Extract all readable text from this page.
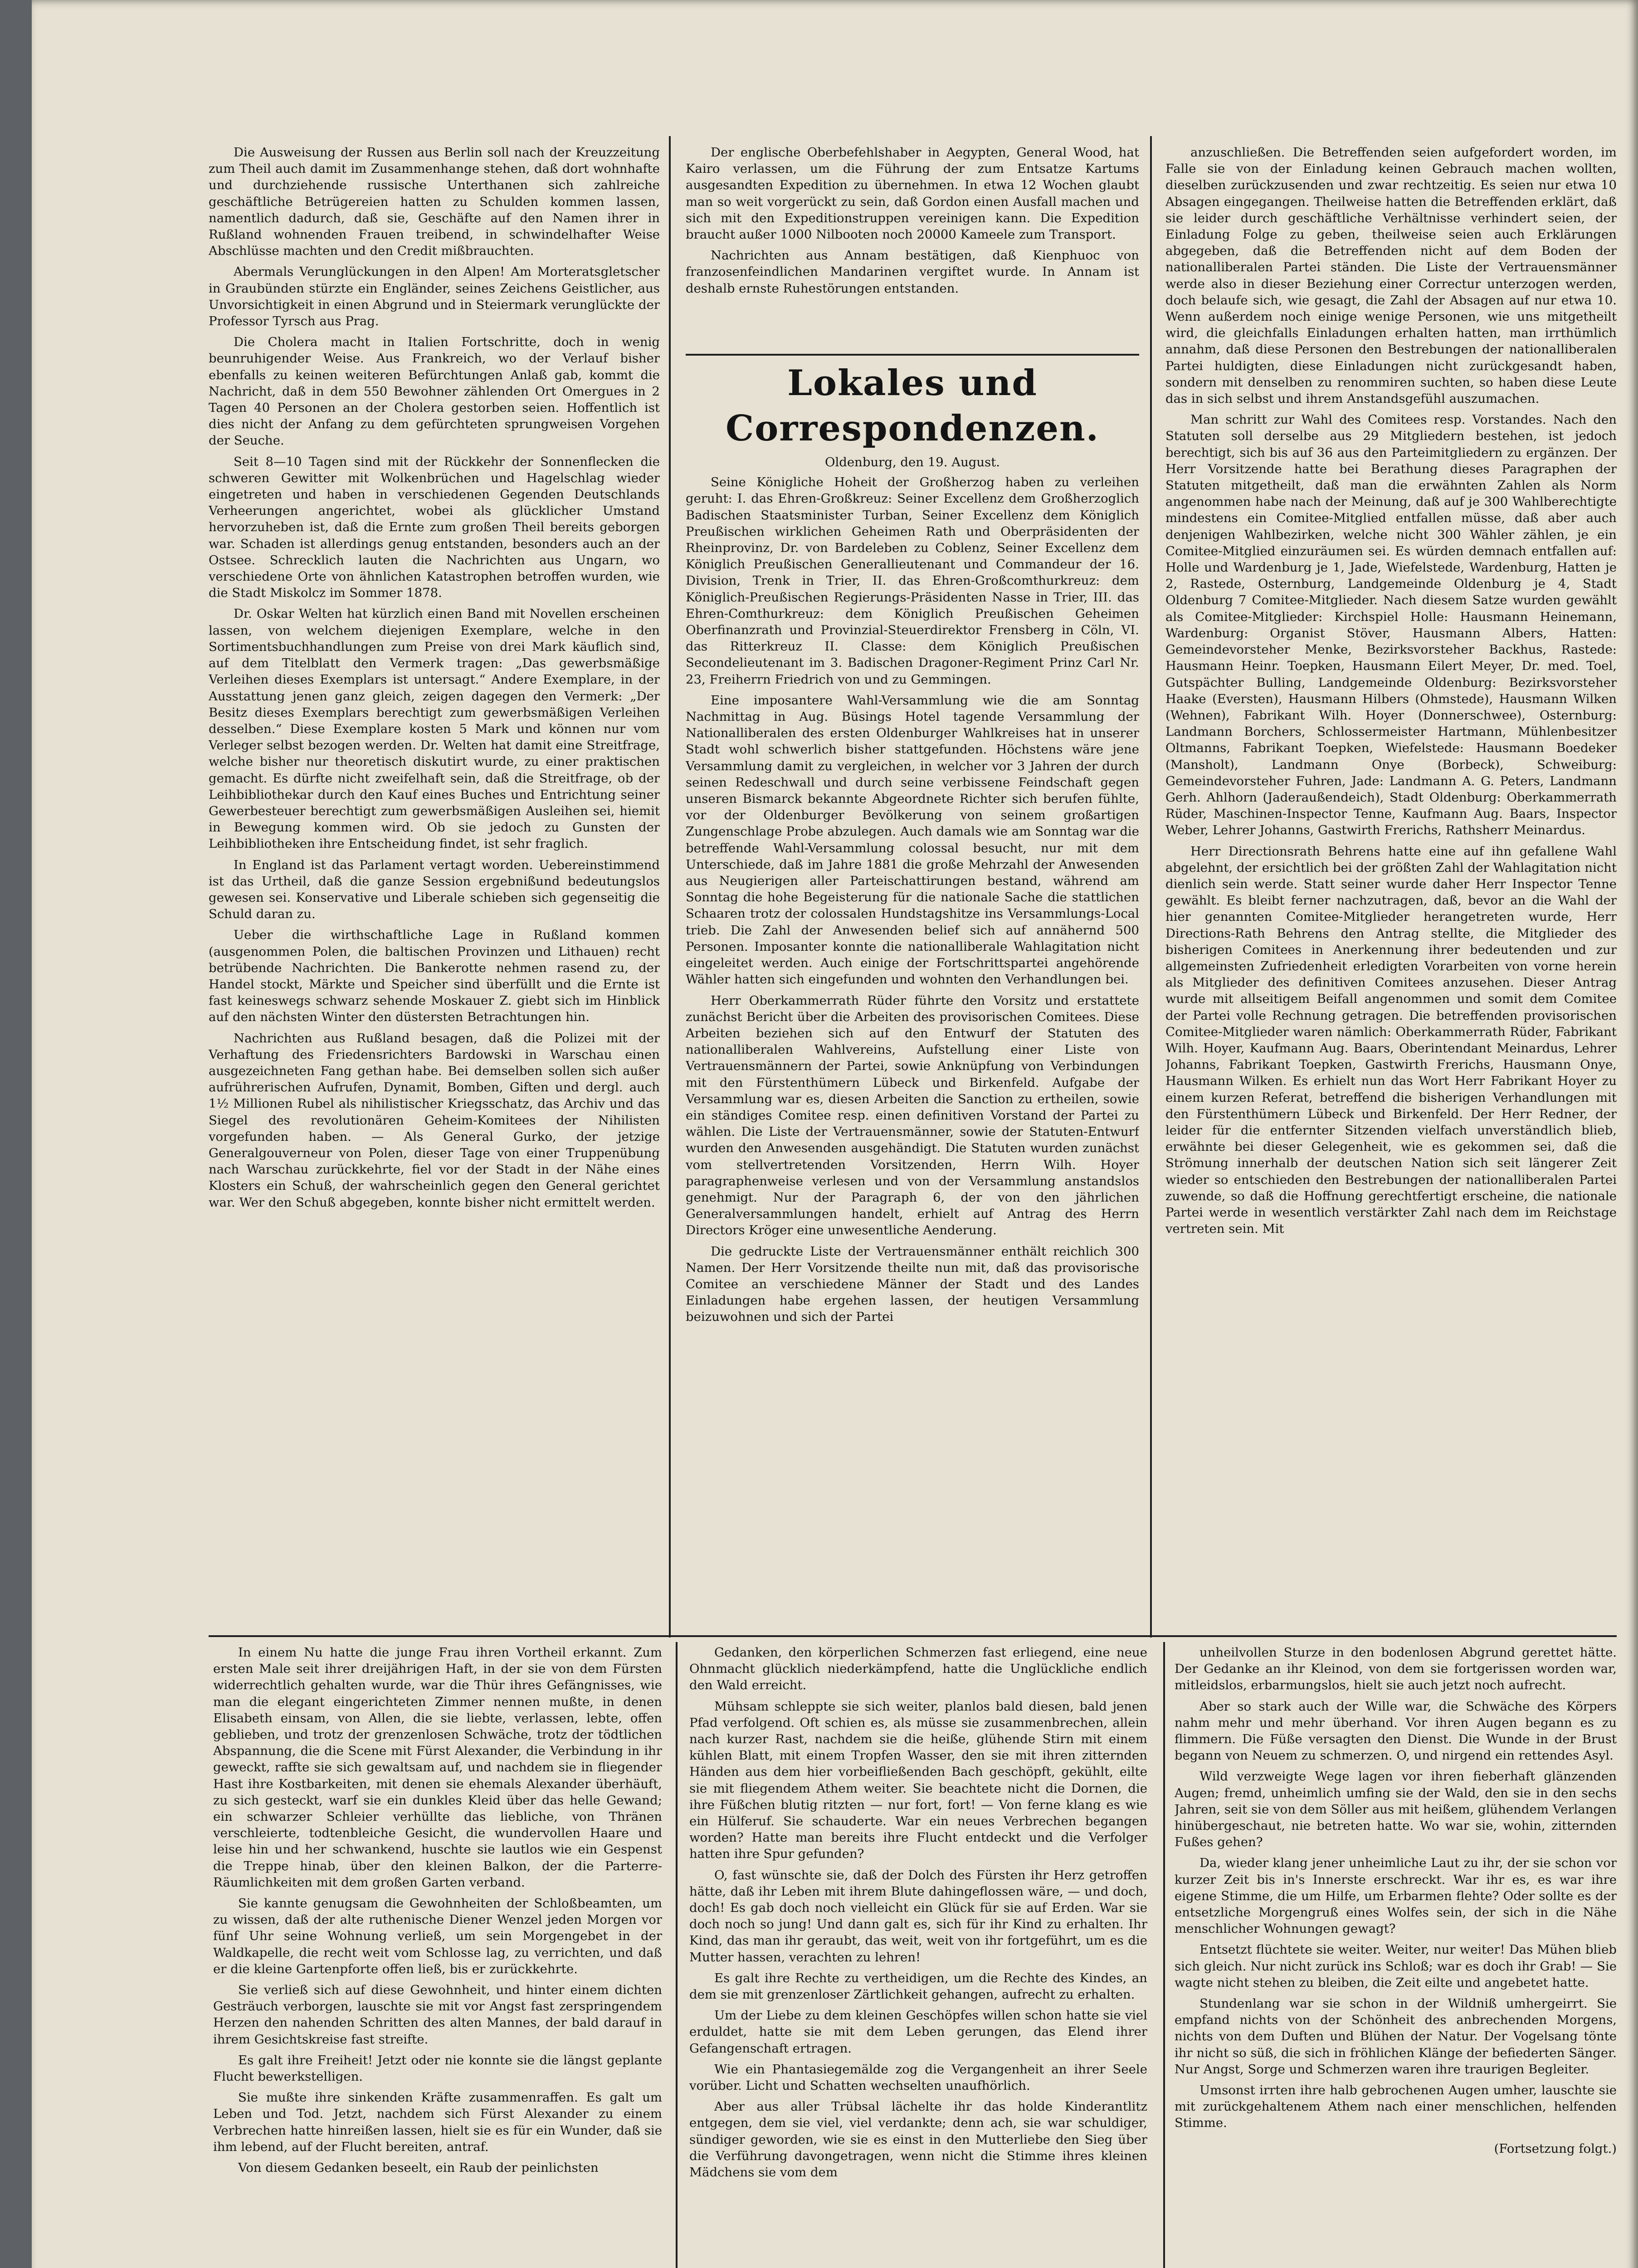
Die Ausweisung der Russen aus Berlin soll nach der Kreuzzeitung zum Theil auch damit im Zusammenhange stehen, daß dort wohnhafte und durchziehende russische Unterthanen sich zahlreiche geschäftliche Betrügereien hatten zu Schulden kommen lassen, namentlich dadurch, daß sie, Geschäfte auf den Namen ihrer in Rußland wohnenden Frauen treibend, in schwindelhafter Weise Abschlüsse machten und den Credit mißbrauchten.
Abermals Verunglückungen in den Alpen! Am Morteratsgletscher in Graubünden stürzte ein Engländer, seines Zeichens Geistlicher, aus Unvorsichtigkeit in einen Abgrund und in Steiermark verunglückte der Professor Tyrsch aus Prag.
Die Cholera macht in Italien Fortschritte, doch in wenig beunruhigender Weise. Aus Frankreich, wo der Verlauf bisher ebenfalls zu keinen weiteren Befürchtungen Anlaß gab, kommt die Nachricht, daß in dem 550 Bewohner zählenden Ort Omergues in 2 Tagen 40 Personen an der Cholera gestorben seien. Hoffentlich ist dies nicht der Anfang zu dem gefürchteten sprungweisen Vorgehen der Seuche.
Seit 8—10 Tagen sind mit der Rückkehr der Sonnenflecken die schweren Gewitter mit Wolkenbrüchen und Hagelschlag wieder eingetreten und haben in verschiedenen Gegenden Deutschlands Verheerungen angerichtet, wobei als glücklicher Umstand hervorzuheben ist, daß die Ernte zum großen Theil bereits geborgen war. Schaden ist allerdings genug entstanden, besonders auch an der Ostsee. Schrecklich lauten die Nachrichten aus Ungarn, wo verschiedene Orte von ähnlichen Katastrophen betroffen wurden, wie die Stadt Miskolcz im Sommer 1878.
Dr. Oskar Welten hat kürzlich einen Band mit Novellen erscheinen lassen, von welchem diejenigen Exemplare, welche in den Sortimentsbuchhandlungen zum Preise von drei Mark käuflich sind, auf dem Titelblatt den Vermerk tragen: „Das gewerbsmäßige Verleihen dieses Exemplars ist untersagt.“ Andere Exemplare, in der Ausstattung jenen ganz gleich, zeigen dagegen den Vermerk: „Der Besitz dieses Exemplars berechtigt zum gewerbsmäßigen Verleihen desselben.“ Diese Exemplare kosten 5 Mark und können nur vom Verleger selbst bezogen werden. Dr. Welten hat damit eine Streitfrage, welche bisher nur theoretisch diskutirt wurde, zu einer praktischen gemacht. Es dürfte nicht zweifelhaft sein, daß die Streitfrage, ob der Leihbibliothekar durch den Kauf eines Buches und Entrichtung seiner Gewerbesteuer berechtigt zum gewerbsmäßigen Ausleihen sei, hiemit in Bewegung kommen wird. Ob sie jedoch zu Gunsten der Leihbibliotheken ihre Entscheidung findet, ist sehr fraglich.
In England ist das Parlament vertagt worden. Uebereinstimmend ist das Urtheil, daß die ganze Session ergebnißund bedeutungslos gewesen sei. Konservative und Liberale schieben sich gegenseitig die Schuld daran zu.
Ueber die wirthschaftliche Lage in Rußland kommen (ausgenommen Polen, die baltischen Provinzen und Lithauen) recht betrübende Nachrichten. Die Bankerotte nehmen rasend zu, der Handel stockt, Märkte und Speicher sind überfüllt und die Ernte ist fast keineswegs schwarz sehende Moskauer Z. giebt sich im Hinblick auf den nächsten Winter den düstersten Betrachtungen hin.
Nachrichten aus Rußland besagen, daß die Polizei mit der Verhaftung des Friedensrichters Bardowski in Warschau einen ausgezeichneten Fang gethan habe. Bei demselben sollen sich außer aufrührerischen Aufrufen, Dynamit, Bomben, Giften und dergl. auch 1½ Millionen Rubel als nihilistischer Kriegsschatz, das Archiv und das Siegel des revolutionären Geheim-Komitees der Nihilisten vorgefunden haben. — Als General Gurko, der jetzige Generalgouverneur von Polen, dieser Tage von einer Truppenübung nach Warschau zurückkehrte, fiel vor der Stadt in der Nähe eines Klosters ein Schuß, der wahrscheinlich gegen den General gerichtet war. Wer den Schuß abgegeben, konnte bisher nicht ermittelt werden.
Der englische Oberbefehlshaber in Aegypten, General Wood, hat Kairo verlassen, um die Führung der zum Entsatze Kartums ausgesandten Expedition zu übernehmen. In etwa 12 Wochen glaubt man so weit vorgerückt zu sein, daß Gordon einen Ausfall machen und sich mit den Expeditionstruppen vereinigen kann. Die Expedition braucht außer 1000 Nilbooten noch 20000 Kameele zum Transport.
Nachrichten aus Annam bestätigen, daß Kienphuoc von franzosenfeindlichen Mandarinen vergiftet wurde. In Annam ist deshalb ernste Ruhestörungen entstanden.
Lokales und Correspondenzen.
Oldenburg, den 19. August.
Seine Königliche Hoheit der Großherzog haben zu verleihen geruht: I. das Ehren-Großkreuz: Seiner Excellenz dem Großherzoglich Badischen Staatsminister Turban, Seiner Excellenz dem Königlich Preußischen wirklichen Geheimen Rath und Oberpräsidenten der Rheinprovinz, Dr. von Bardeleben zu Coblenz, Seiner Excellenz dem Königlich Preußischen Generallieutenant und Commandeur der 16. Division, Trenk in Trier, II. das Ehren-Großcomthurkreuz: dem Königlich-Preußischen Regierungs-Präsidenten Nasse in Trier, III. das Ehren-Comthurkreuz: dem Königlich Preußischen Geheimen Oberfinanzrath und Provinzial-Steuerdirektor Frensberg in Cöln, VI. das Ritterkreuz II. Classe: dem Königlich Preußischen Secondelieutenant im 3. Badischen Dragoner-Regiment Prinz Carl Nr. 23, Freiherrn Friedrich von und zu Gemmingen.
Eine imposantere Wahl-Versammlung wie die am Sonntag Nachmittag in Aug. Büsings Hotel tagende Versammlung der Nationalliberalen des ersten Oldenburger Wahlkreises hat in unserer Stadt wohl schwerlich bisher stattgefunden. Höchstens wäre jene Versammlung damit zu vergleichen, in welcher vor 3 Jahren der durch seinen Redeschwall und durch seine verbissene Feindschaft gegen unseren Bismarck bekannte Abgeordnete Richter sich berufen fühlte, vor der Oldenburger Bevölkerung von seinem großartigen Zungenschlage Probe abzulegen. Auch damals wie am Sonntag war die betreffende Wahl-Versammlung colossal besucht, nur mit dem Unterschiede, daß im Jahre 1881 die große Mehrzahl der Anwesenden aus Neugierigen aller Parteischattirungen bestand, während am Sonntag die hohe Begeisterung für die nationale Sache die stattlichen Schaaren trotz der colossalen Hundstagshitze ins Versammlungs-Local trieb. Die Zahl der Anwesenden belief sich auf annähernd 500 Personen. Imposanter konnte die nationalliberale Wahlagitation nicht eingeleitet werden. Auch einige der Fortschrittspartei angehörende Wähler hatten sich eingefunden und wohnten den Verhandlungen bei.
Herr Oberkammerrath Rüder führte den Vorsitz und erstattete zunächst Bericht über die Arbeiten des provisorischen Comitees. Diese Arbeiten beziehen sich auf den Entwurf der Statuten des nationalliberalen Wahlvereins, Aufstellung einer Liste von Vertrauensmännern der Partei, sowie Anknüpfung von Verbindungen mit den Fürstenthümern Lübeck und Birkenfeld. Aufgabe der Versammlung war es, diesen Arbeiten die Sanction zu ertheilen, sowie ein ständiges Comitee resp. einen definitiven Vorstand der Partei zu wählen. Die Liste der Vertrauensmänner, sowie der Statuten-Entwurf wurden den Anwesenden ausgehändigt. Die Statuten wurden zunächst vom stellvertretenden Vorsitzenden, Herrn Wilh. Hoyer paragraphenweise verlesen und von der Versammlung anstandslos genehmigt. Nur der Paragraph 6, der von den jährlichen Generalversammlungen handelt, erhielt auf Antrag des Herrn Directors Kröger eine unwesentliche Aenderung.
Die gedruckte Liste der Vertrauensmänner enthält reichlich 300 Namen. Der Herr Vorsitzende theilte nun mit, daß das provisorische Comitee an verschiedene Männer der Stadt und des Landes Einladungen habe ergehen lassen, der heutigen Versammlung beizuwohnen und sich der Partei
anzuschließen. Die Betreffenden seien aufgefordert worden, im Falle sie von der Einladung keinen Gebrauch machen wollten, dieselben zurückzusenden und zwar rechtzeitig. Es seien nur etwa 10 Absagen eingegangen. Theilweise hatten die Betreffenden erklärt, daß sie leider durch geschäftliche Verhältnisse verhindert seien, der Einladung Folge zu geben, theilweise seien auch Erklärungen abgegeben, daß die Betreffenden nicht auf dem Boden der nationalliberalen Partei ständen. Die Liste der Vertrauensmänner werde also in dieser Beziehung einer Correctur unterzogen werden, doch belaufe sich, wie gesagt, die Zahl der Absagen auf nur etwa 10. Wenn außerdem noch einige wenige Personen, wie uns mitgetheilt wird, die gleichfalls Einladungen erhalten hatten, man irrthümlich annahm, daß diese Personen den Bestrebungen der nationalliberalen Partei huldigten, diese Einladungen nicht zurückgesandt haben, sondern mit denselben zu renommiren suchten, so haben diese Leute das in sich selbst und ihrem Anstandsgefühl auszumachen.
Man schritt zur Wahl des Comitees resp. Vorstandes. Nach den Statuten soll derselbe aus 29 Mitgliedern bestehen, ist jedoch berechtigt, sich bis auf 36 aus den Parteimitgliedern zu ergänzen. Der Herr Vorsitzende hatte bei Berathung dieses Paragraphen der Statuten mitgetheilt, daß man die erwähnten Zahlen als Norm angenommen habe nach der Meinung, daß auf je 300 Wahlberechtigte mindestens ein Comitee-Mitglied entfallen müsse, daß aber auch denjenigen Wahlbezirken, welche nicht 300 Wähler zählen, je ein Comitee-Mitglied einzuräumen sei. Es würden demnach entfallen auf: Holle und Wardenburg je 1, Jade, Wiefelstede, Wardenburg, Hatten je 2, Rastede, Osternburg, Landgemeinde Oldenburg je 4, Stadt Oldenburg 7 Comitee-Mitglieder. Nach diesem Satze wurden gewählt als Comitee-Mitglieder: Kirchspiel Holle: Hausmann Heinemann, Wardenburg: Organist Stöver, Hausmann Albers, Hatten: Gemeindevorsteher Menke, Bezirksvorsteher Backhus, Rastede: Hausmann Heinr. Toepken, Hausmann Eilert Meyer, Dr. med. Toel, Gutspächter Bulling, Landgemeinde Oldenburg: Bezirksvorsteher Haake (Eversten), Hausmann Hilbers (Ohmstede), Hausmann Wilken (Wehnen), Fabrikant Wilh. Hoyer (Donnerschwee), Osternburg: Landmann Borchers, Schlossermeister Hartmann, Mühlenbesitzer Oltmanns, Fabrikant Toepken, Wiefelstede: Hausmann Boedeker (Mansholt), Landmann Onye (Borbeck), Schweiburg: Gemeindevorsteher Fuhren, Jade: Landmann A. G. Peters, Landmann Gerh. Ahlhorn (Jaderaußendeich), Stadt Oldenburg: Oberkammerrath Rüder, Maschinen-Inspector Tenne, Kaufmann Aug. Baars, Inspector Weber, Lehrer Johanns, Gastwirth Frerichs, Rathsherr Meinardus.
Herr Directionsrath Behrens hatte eine auf ihn gefallene Wahl abgelehnt, der ersichtlich bei der größten Zahl der Wahlagitation nicht dienlich sein werde. Statt seiner wurde daher Herr Inspector Tenne gewählt. Es bleibt ferner nachzutragen, daß, bevor an die Wahl der hier genannten Comitee-Mitglieder herangetreten wurde, Herr Directions-Rath Behrens den Antrag stellte, die Mitglieder des bisherigen Comitees in Anerkennung ihrer bedeutenden und zur allgemeinsten Zufriedenheit erledigten Vorarbeiten von vorne herein als Mitglieder des definitiven Comitees anzusehen. Dieser Antrag wurde mit allseitigem Beifall angenommen und somit dem Comitee der Partei volle Rechnung getragen. Die betreffenden provisorischen Comitee-Mitglieder waren nämlich: Oberkammerrath Rüder, Fabrikant Wilh. Hoyer, Kaufmann Aug. Baars, Oberintendant Meinardus, Lehrer Johanns, Fabrikant Toepken, Gastwirth Frerichs, Hausmann Onye, Hausmann Wilken. Es erhielt nun das Wort Herr Fabrikant Hoyer zu einem kurzen Referat, betreffend die bisherigen Verhandlungen mit den Fürstenthümern Lübeck und Birkenfeld. Der Herr Redner, der leider für die entfernter Sitzenden vielfach unverständlich blieb, erwähnte bei dieser Gelegenheit, wie es gekommen sei, daß die Strömung innerhalb der deutschen Nation sich seit längerer Zeit wieder so entschieden den Bestrebungen der nationalliberalen Partei zuwende, so daß die Hoffnung gerechtfertigt erscheine, die nationale Partei werde in wesentlich verstärkter Zahl nach dem im Reichstage vertreten sein. Mit
In einem Nu hatte die junge Frau ihren Vortheil erkannt. Zum ersten Male seit ihrer dreijährigen Haft, in der sie von dem Fürsten widerrechtlich gehalten wurde, war die Thür ihres Gefängnisses, wie man die elegant eingerichteten Zimmer nennen mußte, in denen Elisabeth einsam, von Allen, die sie liebte, verlassen, lebte, offen geblieben, und trotz der grenzenlosen Schwäche, trotz der tödtlichen Abspannung, die die Scene mit Fürst Alexander, die Verbindung in ihr geweckt, raffte sie sich gewaltsam auf, und nachdem sie in fliegender Hast ihre Kostbarkeiten, mit denen sie ehemals Alexander überhäuft, zu sich gesteckt, warf sie ein dunkles Kleid über das helle Gewand; ein schwarzer Schleier verhüllte das liebliche, von Thränen verschleierte, todtenbleiche Gesicht, die wundervollen Haare und leise hin und her schwankend, huschte sie lautlos wie ein Gespenst die Treppe hinab, über den kleinen Balkon, der die Parterre-Räumlichkeiten mit dem großen Garten verband.
Sie kannte genugsam die Gewohnheiten der Schloßbeamten, um zu wissen, daß der alte ruthenische Diener Wenzel jeden Morgen vor fünf Uhr seine Wohnung verließ, um sein Morgengebet in der Waldkapelle, die recht weit vom Schlosse lag, zu verrichten, und daß er die kleine Gartenpforte offen ließ, bis er zurückkehrte.
Sie verließ sich auf diese Gewohnheit, und hinter einem dichten Gesträuch verborgen, lauschte sie mit vor Angst fast zerspringendem Herzen den nahenden Schritten des alten Mannes, der bald darauf in ihrem Gesichtskreise fast streifte.
Es galt ihre Freiheit! Jetzt oder nie konnte sie die längst geplante Flucht bewerkstelligen.
Sie mußte ihre sinkenden Kräfte zusammenraffen. Es galt um Leben und Tod. Jetzt, nachdem sich Fürst Alexander zu einem Verbrechen hatte hinreißen lassen, hielt sie es für ein Wunder, daß sie ihm lebend, auf der Flucht bereiten, antraf.
Von diesem Gedanken beseelt, ein Raub der peinlichsten
Gedanken, den körperlichen Schmerzen fast erliegend, eine neue Ohnmacht glücklich niederkämpfend, hatte die Unglückliche endlich den Wald erreicht.
Mühsam schleppte sie sich weiter, planlos bald diesen, bald jenen Pfad verfolgend. Oft schien es, als müsse sie zusammenbrechen, allein nach kurzer Rast, nachdem sie die heiße, glühende Stirn mit einem kühlen Blatt, mit einem Tropfen Wasser, den sie mit ihren zitternden Händen aus dem hier vorbeifließenden Bach geschöpft, gekühlt, eilte sie mit fliegendem Athem weiter. Sie beachtete nicht die Dornen, die ihre Füßchen blutig ritzten — nur fort, fort! — Von ferne klang es wie ein Hülferuf. Sie schauderte. War ein neues Verbrechen begangen worden? Hatte man bereits ihre Flucht entdeckt und die Verfolger hatten ihre Spur gefunden?
O, fast wünschte sie, daß der Dolch des Fürsten ihr Herz getroffen hätte, daß ihr Leben mit ihrem Blute dahingeflossen wäre, — und doch, doch! Es gab doch noch vielleicht ein Glück für sie auf Erden. War sie doch noch so jung! Und dann galt es, sich für ihr Kind zu erhalten. Ihr Kind, das man ihr geraubt, das weit, weit von ihr fortgeführt, um es die Mutter hassen, verachten zu lehren!
Es galt ihre Rechte zu vertheidigen, um die Rechte des Kindes, an dem sie mit grenzenloser Zärtlichkeit gehangen, aufrecht zu erhalten.
Um der Liebe zu dem kleinen Geschöpfes willen schon hatte sie viel erduldet, hatte sie mit dem Leben gerungen, das Elend ihrer Gefangenschaft ertragen.
Wie ein Phantasiegemälde zog die Vergangenheit an ihrer Seele vorüber. Licht und Schatten wechselten unaufhörlich.
Aber aus aller Trübsal lächelte ihr das holde Kinderantlitz entgegen, dem sie viel, viel verdankte; denn ach, sie war schuldiger, sündiger geworden, wie sie es einst in den Mutterliebe den Sieg über die Verführung davongetragen, wenn nicht die Stimme ihres kleinen Mädchens sie vom dem
unheilvollen Sturze in den bodenlosen Abgrund gerettet hätte. Der Gedanke an ihr Kleinod, von dem sie fortgerissen worden war, mitleidslos, erbarmungslos, hielt sie auch jetzt noch aufrecht.
Aber so stark auch der Wille war, die Schwäche des Körpers nahm mehr und mehr überhand. Vor ihren Augen begann es zu flimmern. Die Füße versagten den Dienst. Die Wunde in der Brust begann von Neuem zu schmerzen. O, und nirgend ein rettendes Asyl.
Wild verzweigte Wege lagen vor ihren fieberhaft glänzenden Augen; fremd, unheimlich umfing sie der Wald, den sie in den sechs Jahren, seit sie von dem Söller aus mit heißem, glühendem Verlangen hinübergeschaut, nie betreten hatte. Wo war sie, wohin, zitternden Fußes gehen?
Da, wieder klang jener unheimliche Laut zu ihr, der sie schon vor kurzer Zeit bis in's Innerste erschreckt. War ihr es, es war ihre eigene Stimme, die um Hilfe, um Erbarmen flehte? Oder sollte es der entsetzliche Morgengruß eines Wolfes sein, der sich in die Nähe menschlicher Wohnungen gewagt?
Entsetzt flüchtete sie weiter. Weiter, nur weiter! Das Mühen blieb sich gleich. Nur nicht zurück ins Schloß; war es doch ihr Grab! — Sie wagte nicht stehen zu bleiben, die Zeit eilte und angebetet hatte.
Stundenlang war sie schon in der Wildniß umhergeirrt. Sie empfand nichts von der Schönheit des anbrechenden Morgens, nichts von dem Duften und Blühen der Natur. Der Vogelsang tönte ihr nicht so süß, die sich in fröhlichen Klänge der befiederten Sänger. Nur Angst, Sorge und Schmerzen waren ihre traurigen Begleiter.
Umsonst irrten ihre halb gebrochenen Augen umher, lauschte sie mit zurückgehaltenem Athem nach einer menschlichen, helfenden Stimme.
(Fortsetzung folgt.)
